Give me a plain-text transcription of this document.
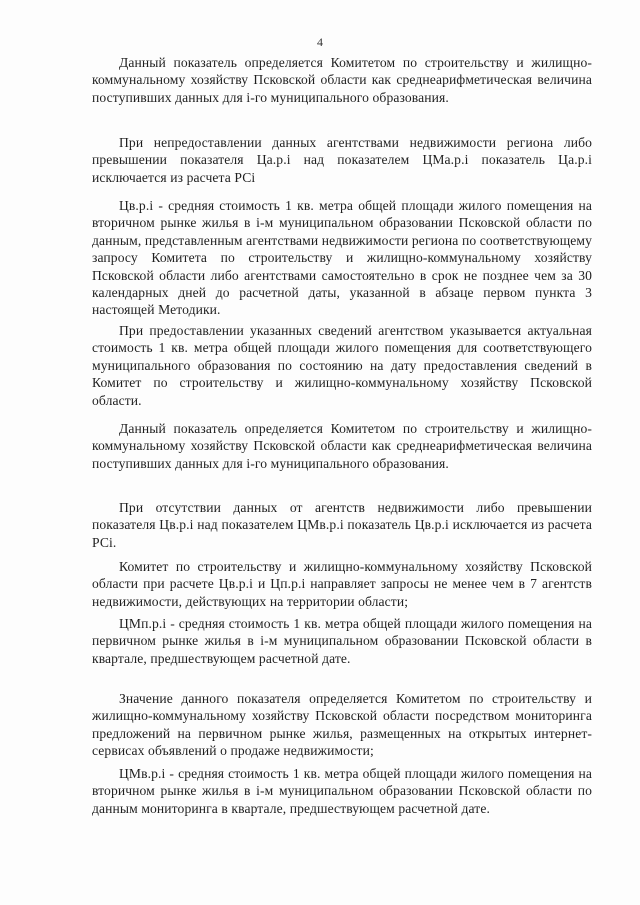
4

Данный показатель определяется Комитетом по строительству и жилищно-коммунальному хозяйству Псковской области как среднеарифметическая величина поступивших данных для i-го муниципального образования.

При непредоставлении данных агентствами недвижимости региона либо превышении показателя Цa.р.i над показателем ЦМa.р.i показатель Цa.р.i исключается из расчета РСi

Цв.р.i - средняя стоимость 1 кв. метра общей площади жилого помещения на вторичном рынке жилья в i-м муниципальном образовании Псковской области по данным, представленным агентствами недвижимости региона по соответствующему запросу Комитета по строительству и жилищно-коммунальному хозяйству Псковской области либо агентствами самостоятельно в срок не позднее чем за 30 календарных дней до расчетной даты, указанной в абзаце первом пункта 3 настоящей Методики.

При предоставлении указанных сведений агентством указывается актуальная стоимость 1 кв. метра общей площади жилого помещения для соответствующего муниципального образования по состоянию на дату предоставления сведений в Комитет по строительству и жилищно-коммунальному хозяйству Псковской области.

Данный показатель определяется Комитетом по строительству и жилищно-коммунальному хозяйству Псковской области как среднеарифметическая величина поступивших данных для i-го муниципального образования.

При отсутствии данных от агентств недвижимости либо превышении показателя Цв.р.i над показателем ЦМв.р.i показатель Цв.р.i исключается из расчета РСi.

Комитет по строительству и жилищно-коммунальному хозяйству Псковской области при расчете Цв.р.i и Цп.р.i направляет запросы не менее чем в 7 агентств недвижимости, действующих на территории области;

ЦМп.р.i - средняя стоимость 1 кв. метра общей площади жилого помещения на первичном рынке жилья в i-м муниципальном образовании Псковской области в квартале, предшествующем расчетной дате.

Значение данного показателя определяется Комитетом по строительству и жилищно-коммунальному хозяйству Псковской области посредством мониторинга предложений на первичном рынке жилья, размещенных на открытых интернет-сервисах объявлений о продаже недвижимости;

ЦМв.р.i - средняя стоимость 1 кв. метра общей площади жилого помещения на вторичном рынке жилья в i-м муниципальном образовании Псковской области по данным мониторинга в квартале, предшествующем расчетной дате.
